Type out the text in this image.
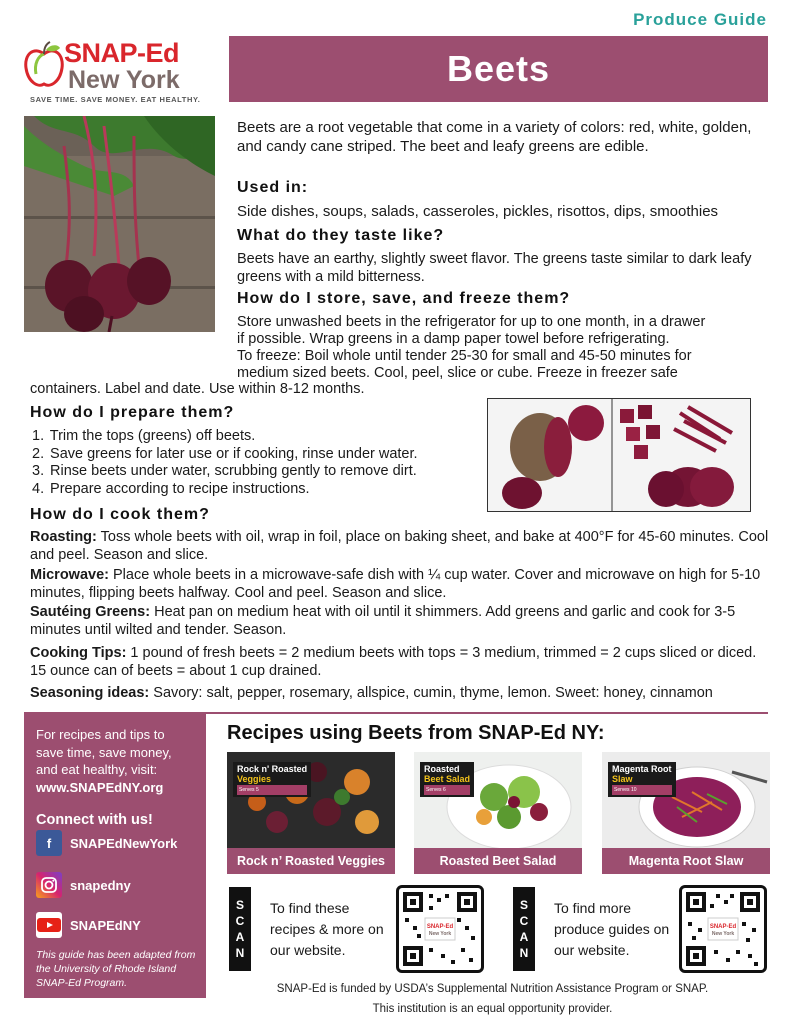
Produce Guide
SNAP-Ed
New York
SAVE TIME. SAVE MONEY. EAT HEALTHY.
Beets
Beets are a root vegetable that come in a variety of colors: red, white, golden, and candy cane striped. The beet and leafy greens are edible.
Used in:
Side dishes, soups, salads, casseroles, pickles, risottos, dips, smoothies
What do they taste like?
Beets have an earthy, slightly sweet flavor. The greens taste similar to dark leafy greens with a mild bitterness.
How do I store, save, and freeze them?
Store unwashed beets in the refrigerator for up to one month, in a drawer
if possible. Wrap greens in a damp paper towel before refrigerating.
To freeze: Boil whole until tender 25-30 for small and 45-50 minutes for
medium sized beets. Cool, peel, slice or cube. Freeze in freezer safe
containers. Label and date. Use within 8-12 months.
How do I prepare them?
1. Trim the tops (greens) off beets.
2. Save greens for later use or if cooking, rinse under water.
3. Rinse beets under water, scrubbing gently to remove dirt.
4. Prepare according to recipe instructions.
How do I cook them?
Roasting: Toss whole beets with oil, wrap in foil, place on baking sheet, and bake at 400°F for 45-60 minutes. Cool and peel. Season and slice.
Microwave: Place whole beets in a microwave-safe dish with ¼ cup water. Cover and microwave on high for 5-10 minutes, flipping beets halfway. Cool and peel. Season and slice.
Sautéing Greens: Heat pan on medium heat with oil until it shimmers. Add greens and garlic and cook for 3-5 minutes until wilted and tender. Season.
Cooking Tips: 1 pound of fresh beets = 2 medium beets with tops = 3 medium, trimmed = 2 cups sliced or diced. 15 ounce can of beets = about 1 cup drained.
Seasoning ideas: Savory: salt, pepper, rosemary, allspice, cumin, thyme, lemon. Sweet: honey, cinnamon
For recipes and tips to save time, save money, and eat healthy, visit:
www.SNAPEdNY.org
Connect with us!
f	SNAPEdNewYork
snapedny
SNAPEdNY
This guide has been adapted from the University of Rhode Island SNAP-Ed Program.
Recipes using Beets from SNAP-Ed NY:
Rock n' Roasted
Veggies
Serves 5
Rock n’ Roasted Veggies
Roasted
Beet Salad
Serves 6
Roasted Beet Salad
Magenta Root
Slaw
Serves 10
Magenta Root Slaw
S
C
A
N
To find these recipes & more on our website.
SNAP-Ed
New York
S
C
A
N
To find more produce guides on our website.
SNAP-Ed
New York
SNAP-Ed is funded by USDA’s Supplemental Nutrition Assistance Program or SNAP.
This institution is an equal opportunity provider.
